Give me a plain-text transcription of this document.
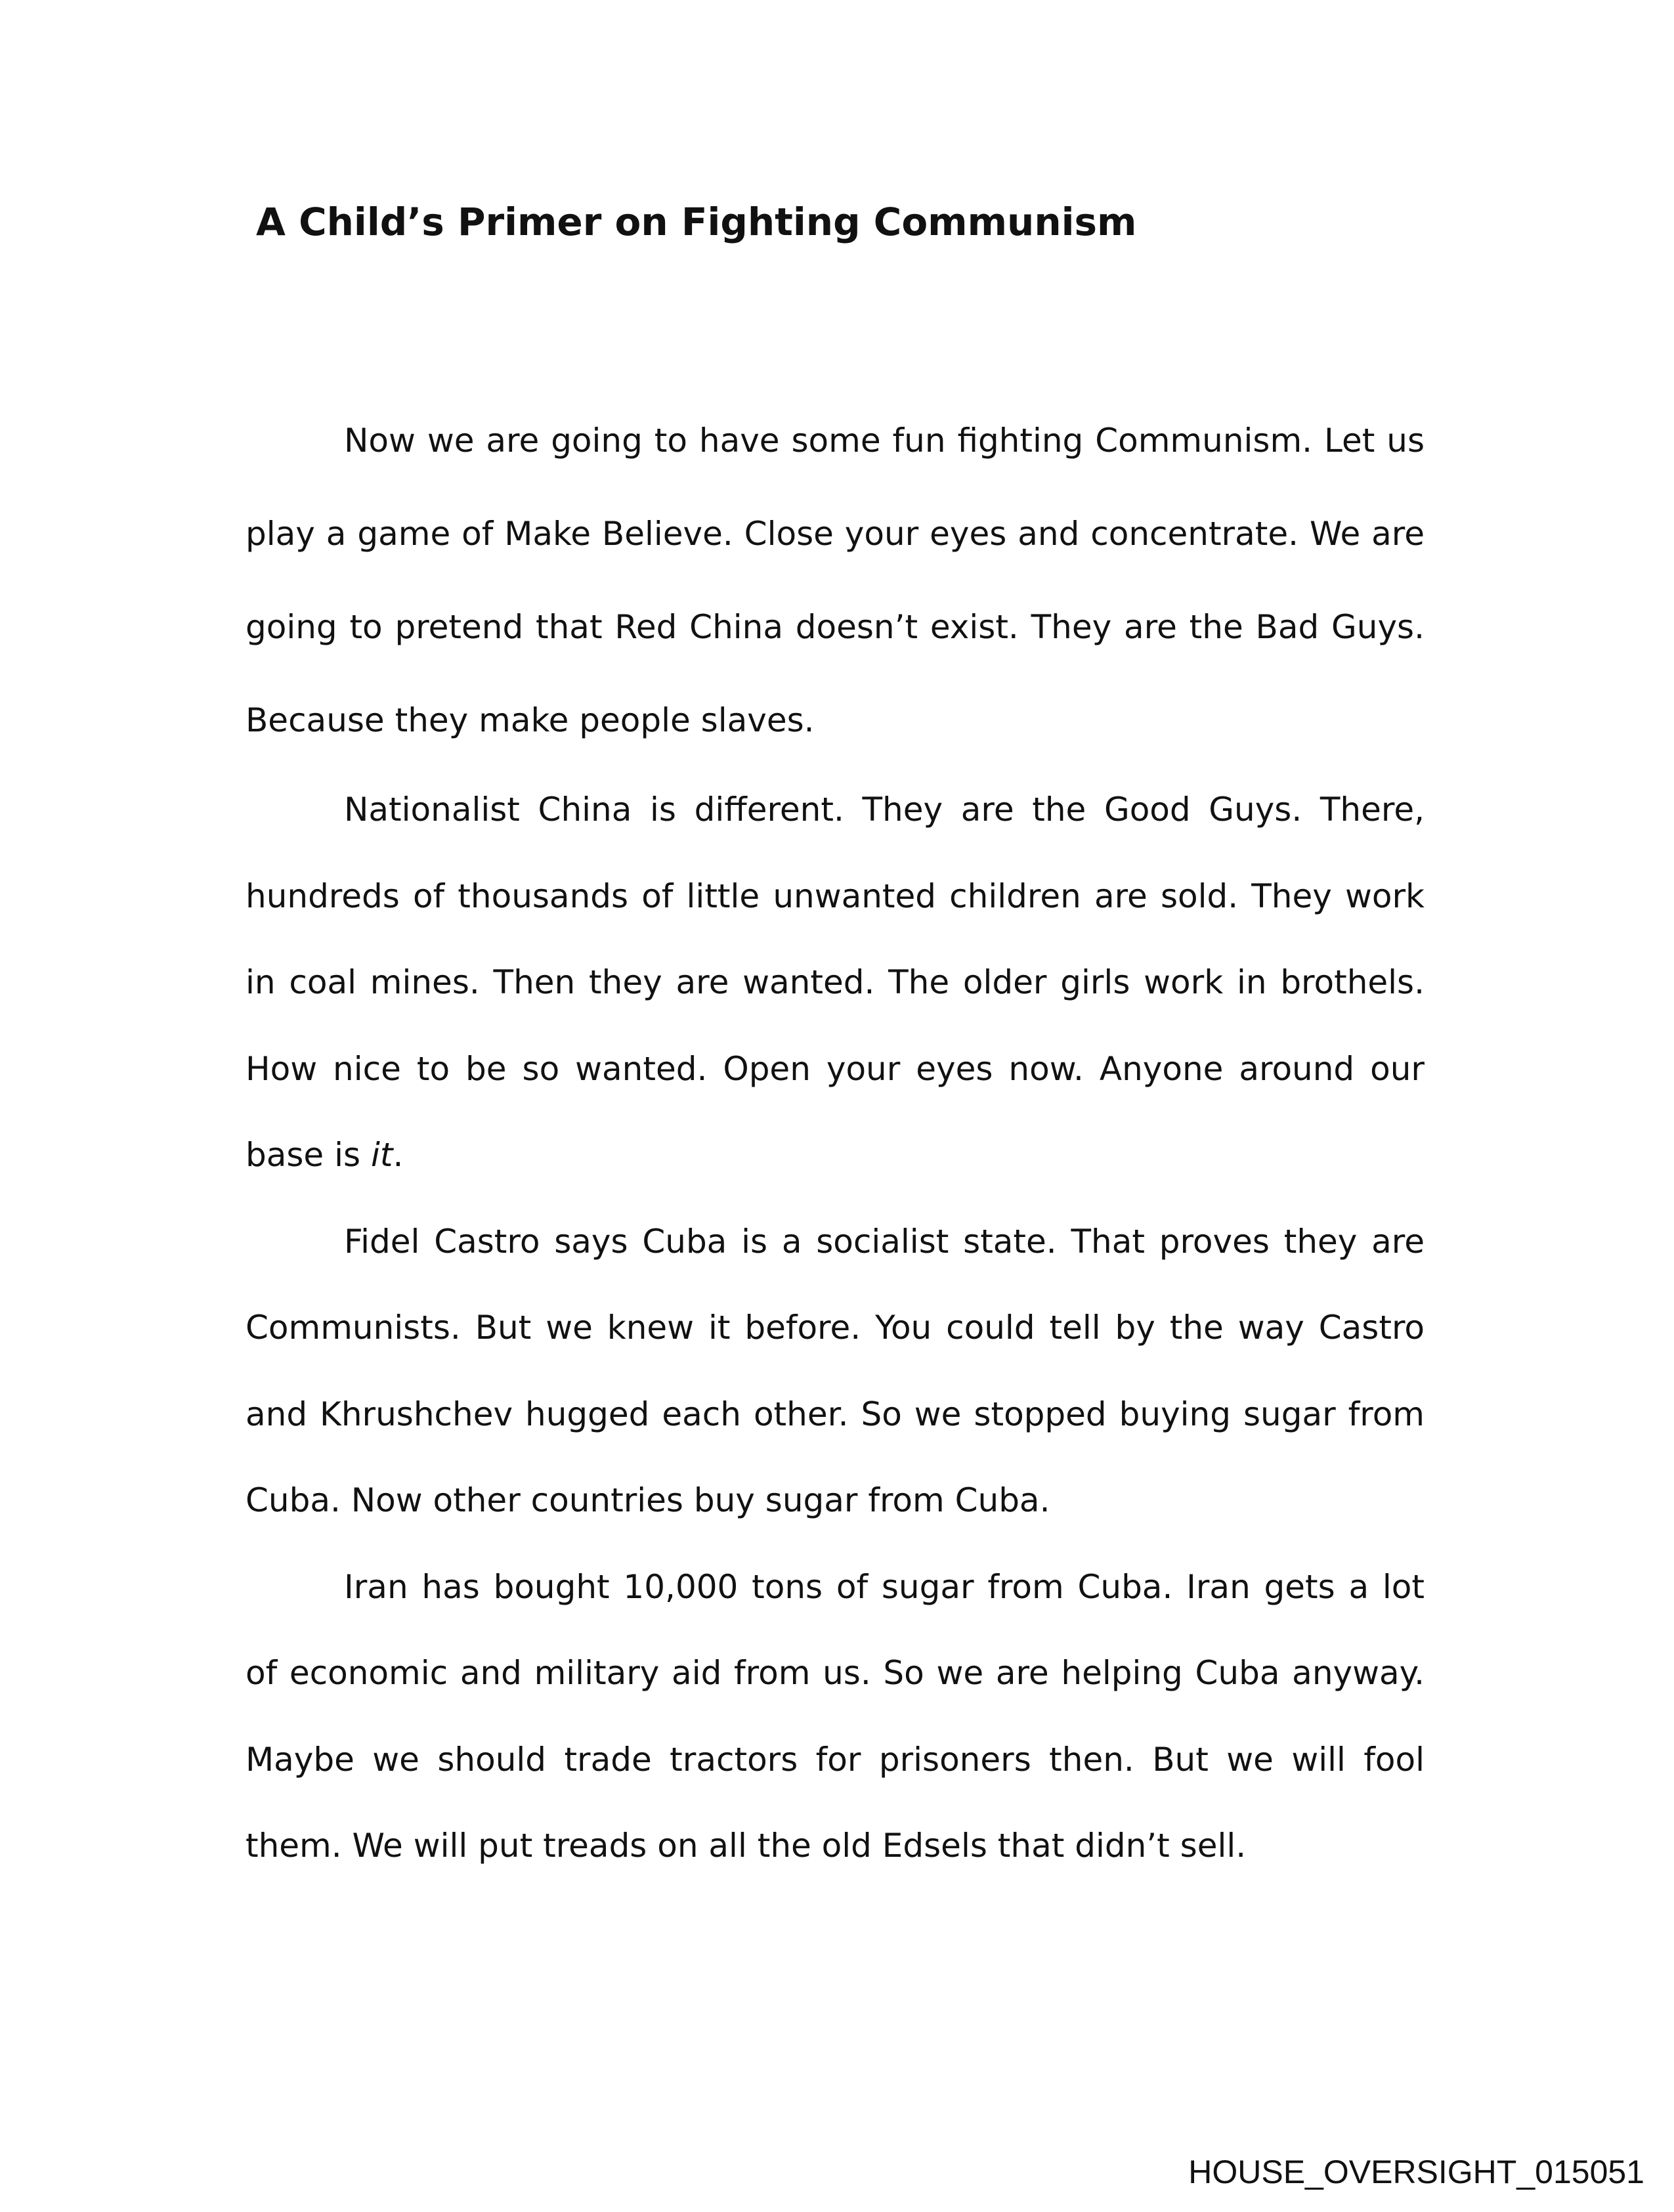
A Child’s Primer on Fighting Communism

Now we are going to have some fun fighting Communism. Let us play a game of Make Believe. Close your eyes and concentrate. We are going to pretend that Red China doesn’t exist. They are the Bad Guys. Because they make people slaves.

Nationalist China is different. They are the Good Guys. There, hundreds of thousands of little unwanted children are sold. They work in coal mines. Then they are wanted. The older girls work in brothels. How nice to be so wanted. Open your eyes now. Anyone around our base is it.

Fidel Castro says Cuba is a socialist state. That proves they are Communists. But we knew it before. You could tell by the way Castro and Khrushchev hugged each other. So we stopped buying sugar from Cuba. Now other countries buy sugar from Cuba.

Iran has bought 10,000 tons of sugar from Cuba. Iran gets a lot of economic and military aid from us. So we are helping Cuba anyway. Maybe we should trade tractors for prisoners then. But we will fool them. We will put treads on all the old Edsels that didn’t sell.

HOUSE_OVERSIGHT_015051
